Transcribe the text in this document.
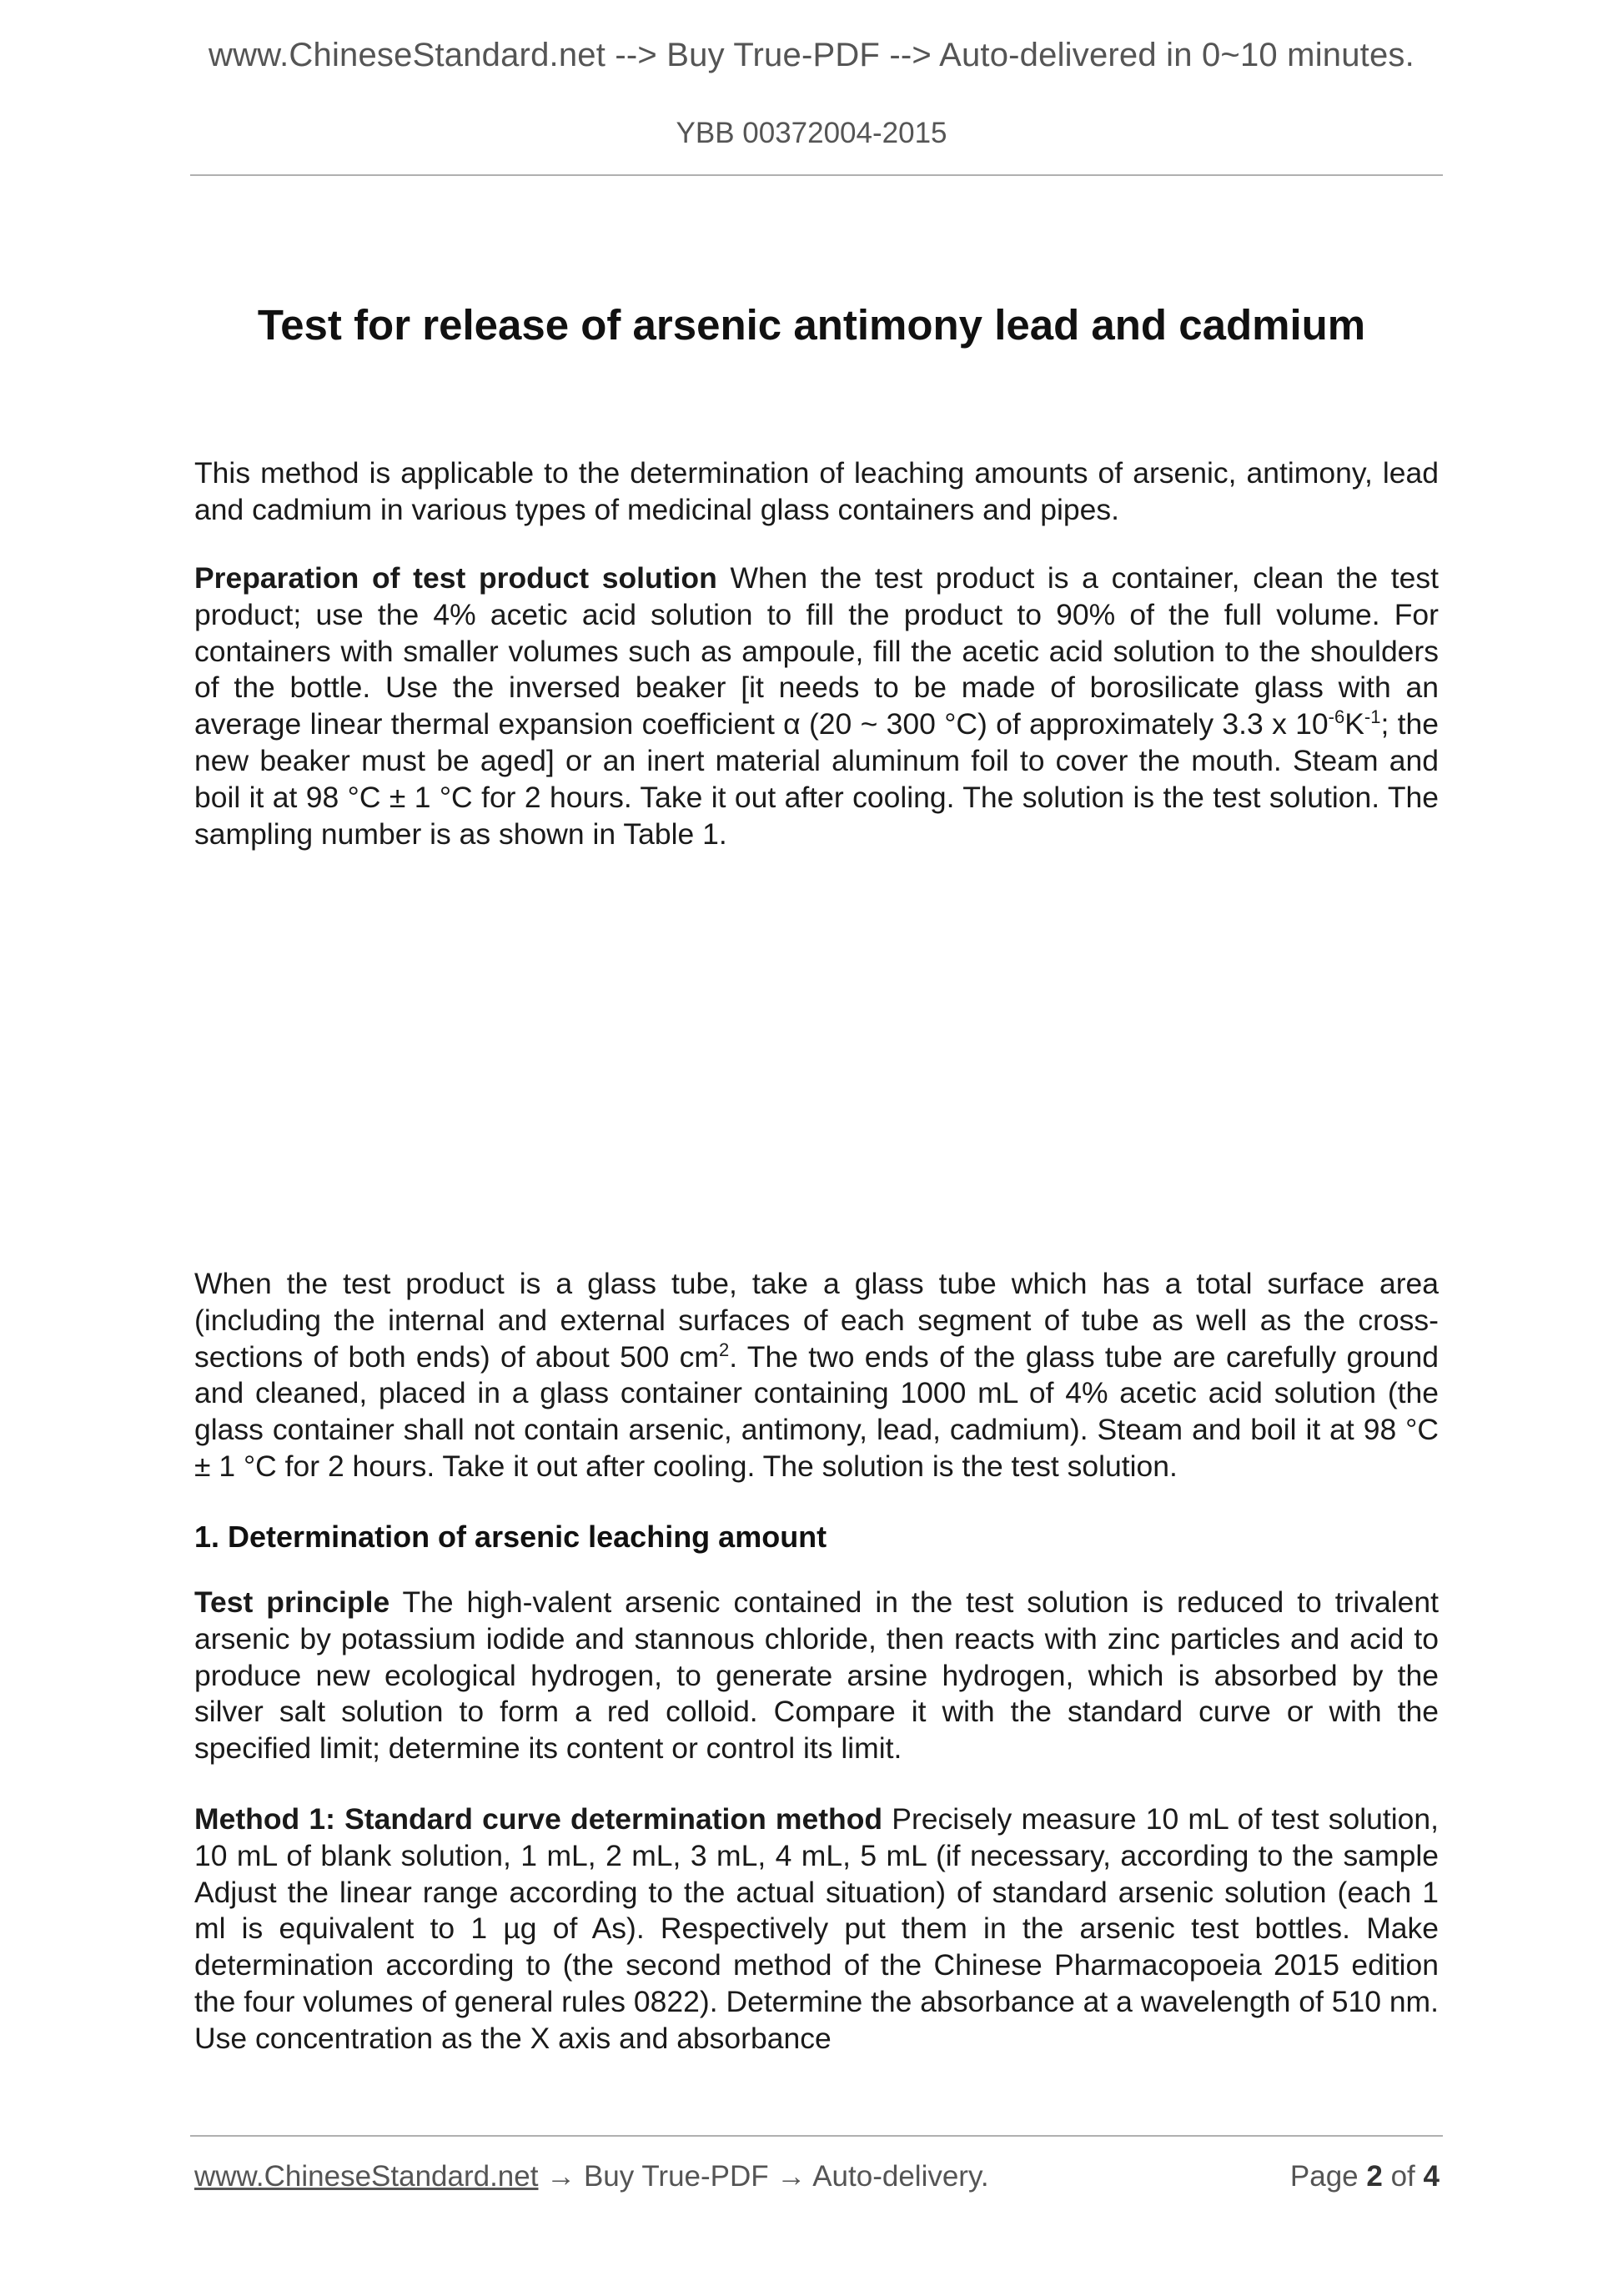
www.ChineseStandard.net --> Buy True-PDF --> Auto-delivered in 0~10 minutes.
YBB 00372004-2015
Test for release of arsenic antimony lead and cadmium
This method is applicable to the determination of leaching amounts of arsenic, antimony, lead and cadmium in various types of medicinal glass containers and pipes.
Preparation of test product solution When the test product is a container, clean the test product; use the 4% acetic acid solution to fill the product to 90% of the full volume. For containers with smaller volumes such as ampoule, fill the acetic acid solution to the shoulders of the bottle. Use the inversed beaker [it needs to be made of borosilicate glass with an average linear thermal expansion coefficient α (20 ~ 300 °C) of approximately 3.3 x $10^{-6}K^{-1}$; the new beaker must be aged] or an inert material aluminum foil to cover the mouth. Steam and boil it at 98 °C ± 1 °C for 2 hours. Take it out after cooling. The solution is the test solution. The sampling number is as shown in Table 1.
When the test product is a glass tube, take a glass tube which has a total surface area (including the internal and external surfaces of each segment of tube as well as the cross-sections of both ends) of about 500 $cm^2$. The two ends of the glass tube are carefully ground and cleaned, placed in a glass container containing 1000 mL of 4% acetic acid solution (the glass container shall not contain arsenic, antimony, lead, cadmium). Steam and boil it at 98 °C ± 1 °C for 2 hours. Take it out after cooling. The solution is the test solution.
1. Determination of arsenic leaching amount
Test principle The high-valent arsenic contained in the test solution is reduced to trivalent arsenic by potassium iodide and stannous chloride, then reacts with zinc particles and acid to produce new ecological hydrogen, to generate arsine hydrogen, which is absorbed by the silver salt solution to form a red colloid. Compare it with the standard curve or with the specified limit; determine its content or control its limit.
Method 1: Standard curve determination method Precisely measure 10 mL of test solution, 10 mL of blank solution, 1 mL, 2 mL, 3 mL, 4 mL, 5 mL (if necessary, according to the sample Adjust the linear range according to the actual situation) of standard arsenic solution (each 1 ml is equivalent to 1 µg of As). Respectively put them in the arsenic test bottles. Make determination according to (the second method of the Chinese Pharmacopoeia 2015 edition the four volumes of general rules 0822). Determine the absorbance at a wavelength of 510 nm. Use concentration as the X axis and absorbance
www.ChineseStandard.net → Buy True-PDF → Auto-delivery.	Page 2 of 4
